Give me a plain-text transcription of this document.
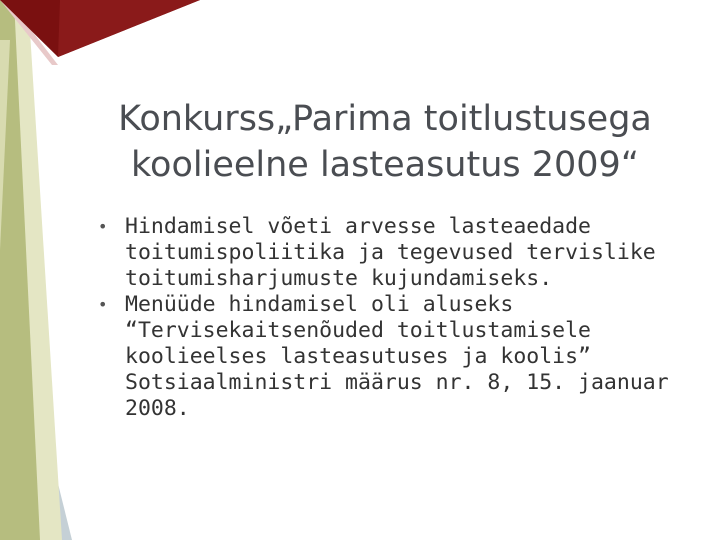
Konkurss„Parima toitlustusega
koolieelne lasteasutus 2009“
• Hindamisel võeti arvesse lasteaedade
toitumispoliitika ja tegevused tervislike
toitumisharjumuste kujundamiseks.
• Menüüde hindamisel oli aluseks
“Tervisekaitsenõuded toitlustamisele
koolieelses lasteasutuses ja koolis”
Sotsiaalministri määrus nr. 8, 15. jaanuar
2008.
